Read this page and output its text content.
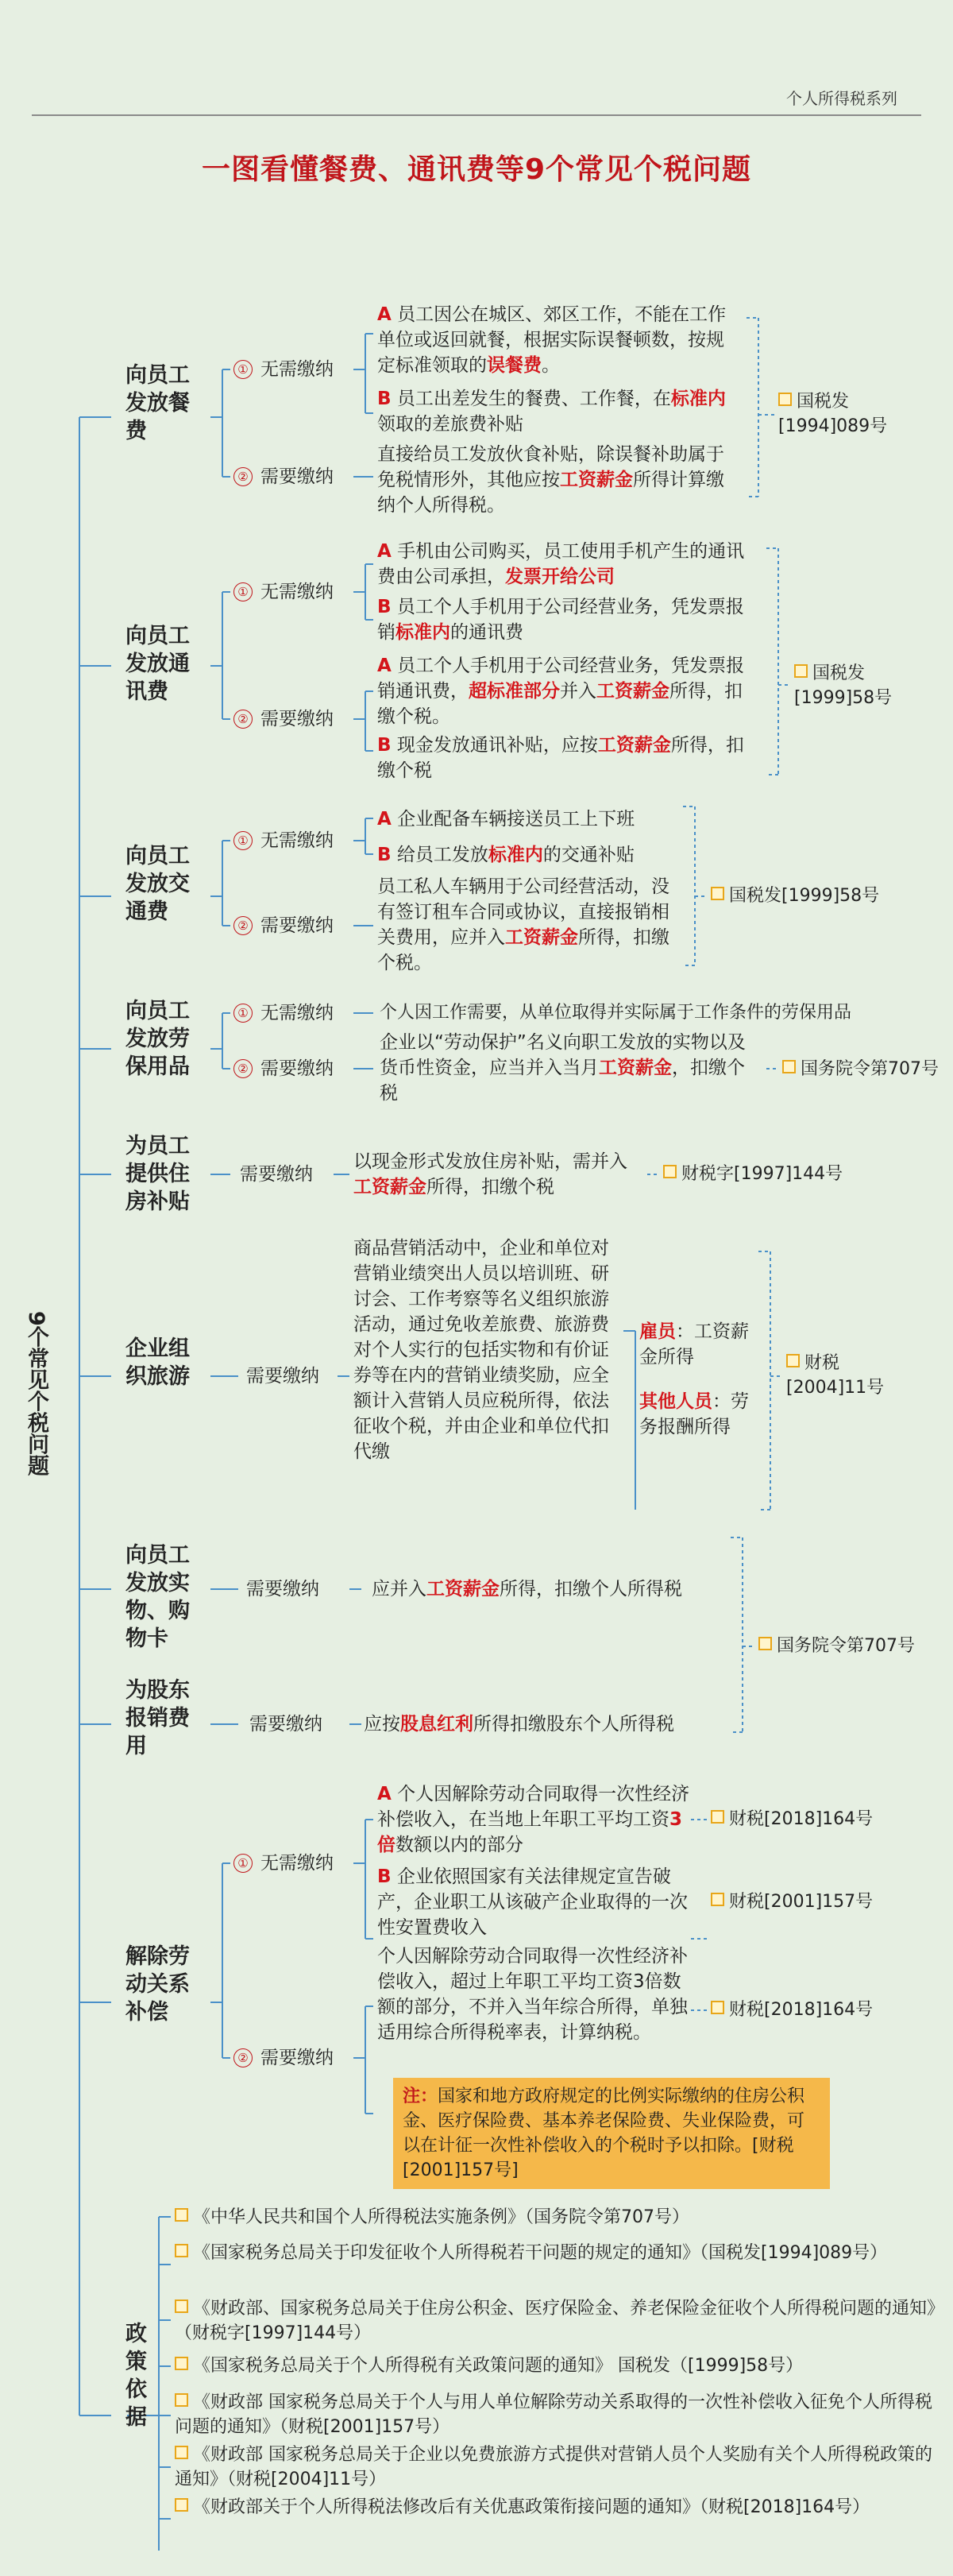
个人所得税系列
一图看懂餐费、通讯费等9个常见个税问题
9个常见个税问题
向员工发放餐费
① 无需缴纳
② 需要缴纳
A 员工因公在城区、郊区工作，不能在工作单位或返回就餐，根据实际误餐顿数，按规定标准领取的误餐费。
B 员工出差发生的餐费、工作餐，在标准内领取的差旅费补贴
直接给员工发放伙食补贴，除误餐补助属于免税情形外，其他应按工资薪金所得计算缴纳个人所得税。
国税发[1994]089号
向员工发放通讯费
① 无需缴纳
② 需要缴纳
A 手机由公司购买，员工使用手机产生的通讯费由公司承担，发票开给公司
B 员工个人手机用于公司经营业务，凭发票报销标准内的通讯费
A 员工个人手机用于公司经营业务，凭发票报销通讯费，超标准部分并入工资薪金所得，扣缴个税。
B 现金发放通讯补贴，应按工资薪金所得，扣缴个税
国税发[1999]58号
向员工发放交通费
① 无需缴纳
② 需要缴纳
A 企业配备车辆接送员工上下班
B 给员工发放标准内的交通补贴
员工私人车辆用于公司经营活动，没有签订租车合同或协议，直接报销相关费用，应并入工资薪金所得，扣缴个税。
国税发[1999]58号
向员工发放劳保用品
① 无需缴纳
② 需要缴纳
个人因工作需要，从单位取得并实际属于工作条件的劳保用品
企业以“劳动保护”名义向职工发放的实物以及货币性资金，应当并入当月工资薪金，扣缴个税
国务院令第707号
为员工提供住房补贴
需要缴纳
以现金形式发放住房补贴，需并入工资薪金所得，扣缴个税
财税字[1997]144号
企业组织旅游	需要缴纳
商品营销活动中，企业和单位对营销业绩突出人员以培训班、研讨会、工作考察等名义组织旅游活动，通过免收差旅费、旅游费对个人实行的包括实物和有价证券等在内的营销业绩奖励，应全额计入营销人员应税所得，依法征收个税，并由企业和单位代扣代缴
雇员：工资薪金所得
其他人员：劳务报酬所得
财税[2004]11号
向员工发放实物、购物卡
需要缴纳	应并入工资薪金所得，扣缴个人所得税
为股东报销费用
需要缴纳 应按股息红利所得扣缴股东个人所得税
国务院令第707号
解除劳动关系补偿
① 无需缴纳
② 需要缴纳
A 个人因解除劳动合同取得一次性经济补偿收入，在当地上年职工平均工资3倍数额以内的部分
财税[2018]164号
B 企业依照国家有关法律规定宣告破产，企业职工从该破产企业取得的一次性安置费收入
财税[2001]157号
个人因解除劳动合同取得一次性经济补偿收入，超过上年职工平均工资3倍数额的部分，不并入当年综合所得，单独适用综合所得税率表，计算纳税。
财税[2018]164号
注：国家和地方政府规定的比例实际缴纳的住房公积金、医疗保险费、基本养老保险费、失业保险费，可以在计征一次性补偿收入的个税时予以扣除。[财税[2001]157号]
政策依据
《中华人民共和国个人所得税法实施条例》（国务院令第707号）
《国家税务总局关于印发征收个人所得税若干问题的规定的通知》（国税发[1994]089号）
《财政部、国家税务总局关于住房公积金、医疗保险金、养老保险金征收个人所得税问题的通知》（财税字[1997]144号）
《国家税务总局关于个人所得税有关政策问题的通知》 国税发（[1999]58号）
《财政部 国家税务总局关于个人与用人单位解除劳动关系取得的一次性补偿收入征免个人所得税问题的通知》（财税[2001]157号）
《财政部 国家税务总局关于企业以免费旅游方式提供对营销人员个人奖励有关个人所得税政策的通知》（财税[2004]11号）
《财政部关于个人所得税法修改后有关优惠政策衔接问题的通知》（财税[2018]164号）
